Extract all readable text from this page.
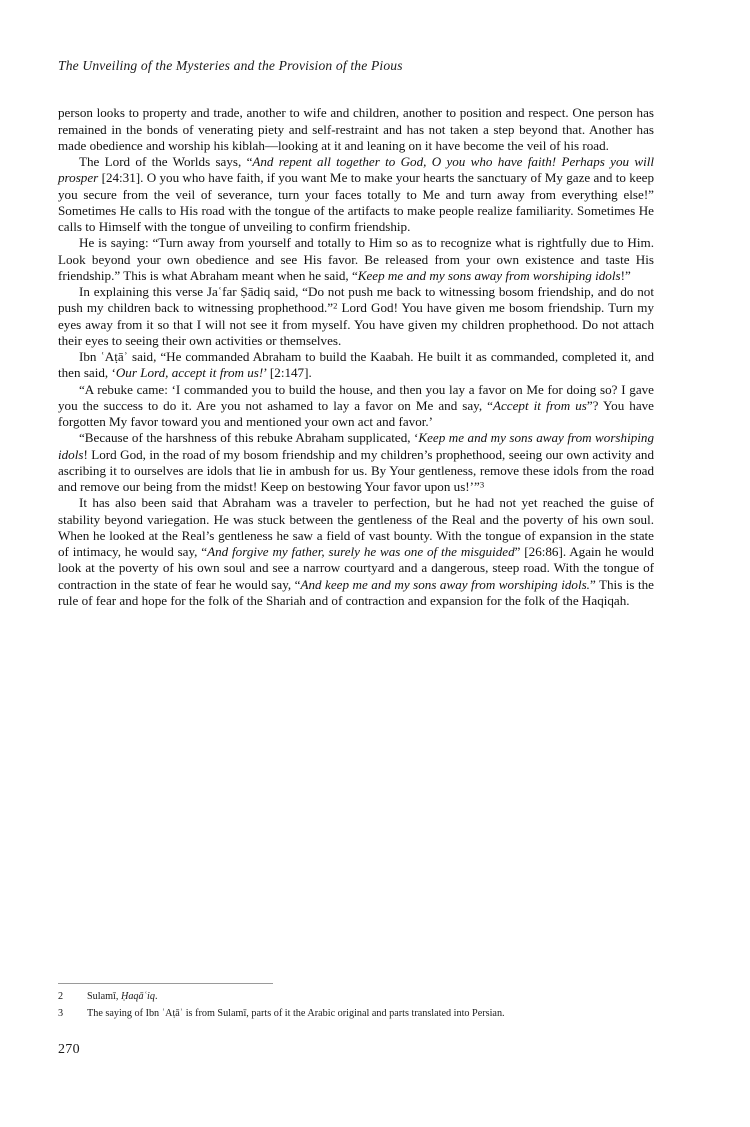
The Unveiling of the Mysteries and the Provision of the Pious

person looks to property and trade, another to wife and children, another to position and respect. One person has remained in the bonds of venerating piety and self-restraint and has not taken a step beyond that. Another has made obedience and worship his kiblah—looking at it and leaning on it have become the veil of his road.

The Lord of the Worlds says, “And repent all together to God, O you who have faith! Perhaps you will prosper [24:31]. O you who have faith, if you want Me to make your hearts the sanctuary of My gaze and to keep you secure from the veil of severance, turn your faces totally to Me and turn away from everything else!” Sometimes He calls to His road with the tongue of the artifacts to make people realize familiarity. Sometimes He calls to Himself with the tongue of unveiling to confirm friendship.

He is saying: “Turn away from yourself and totally to Him so as to recognize what is rightfully due to Him. Look beyond your own obedience and see His favor. Be released from your own existence and taste His friendship.” This is what Abraham meant when he said, “Keep me and my sons away from worshiping idols!”

In explaining this verse Jaʿfar Ṣādiq said, “Do not push me back to witnessing bosom friendship, and do not push my children back to witnessing prophethood.”$^2$ Lord God! You have given me bosom friendship. Turn my eyes away from it so that I will not see it from myself. You have given my children prophethood. Do not attach their eyes to seeing their own activities or themselves.

Ibn ʿAṭāʾ said, “He commanded Abraham to build the Kaabah. He built it as commanded, completed it, and then said, ‘Our Lord, accept it from us!’ [2:147].

“A rebuke came: ‘I commanded you to build the house, and then you lay a favor on Me for doing so? I gave you the success to do it. Are you not ashamed to lay a favor on Me and say, “Accept it from us”? You have forgotten My favor toward you and mentioned your own act and favor.’

“Because of the harshness of this rebuke Abraham supplicated, ‘Keep me and my sons away from worshiping idols! Lord God, in the road of my bosom friendship and my children’s prophethood, seeing our own activity and ascribing it to ourselves are idols that lie in ambush for us. By Your gentleness, remove these idols from the road and remove our being from the midst! Keep on bestowing Your favor upon us!’”$^3$

It has also been said that Abraham was a traveler to perfection, but he had not yet reached the guise of stability beyond variegation. He was stuck between the gentleness of the Real and the poverty of his own soul. When he looked at the Real’s gentleness he saw a field of vast bounty. With the tongue of expansion in the state of intimacy, he would say, “And forgive my father, surely he was one of the misguided” [26:86]. Again he would look at the poverty of his own soul and see a narrow courtyard and a dangerous, steep road. With the tongue of contraction in the state of fear he would say, “And keep me and my sons away from worshiping idols.” This is the rule of fear and hope for the folk of the Shariah and of contraction and expansion for the folk of the Haqiqah.

2	Sulamī, Ḥaqāʿiq.
3	The saying of Ibn ʿAṭāʾ is from Sulamī, parts of it the Arabic original and parts translated into Persian.
270
